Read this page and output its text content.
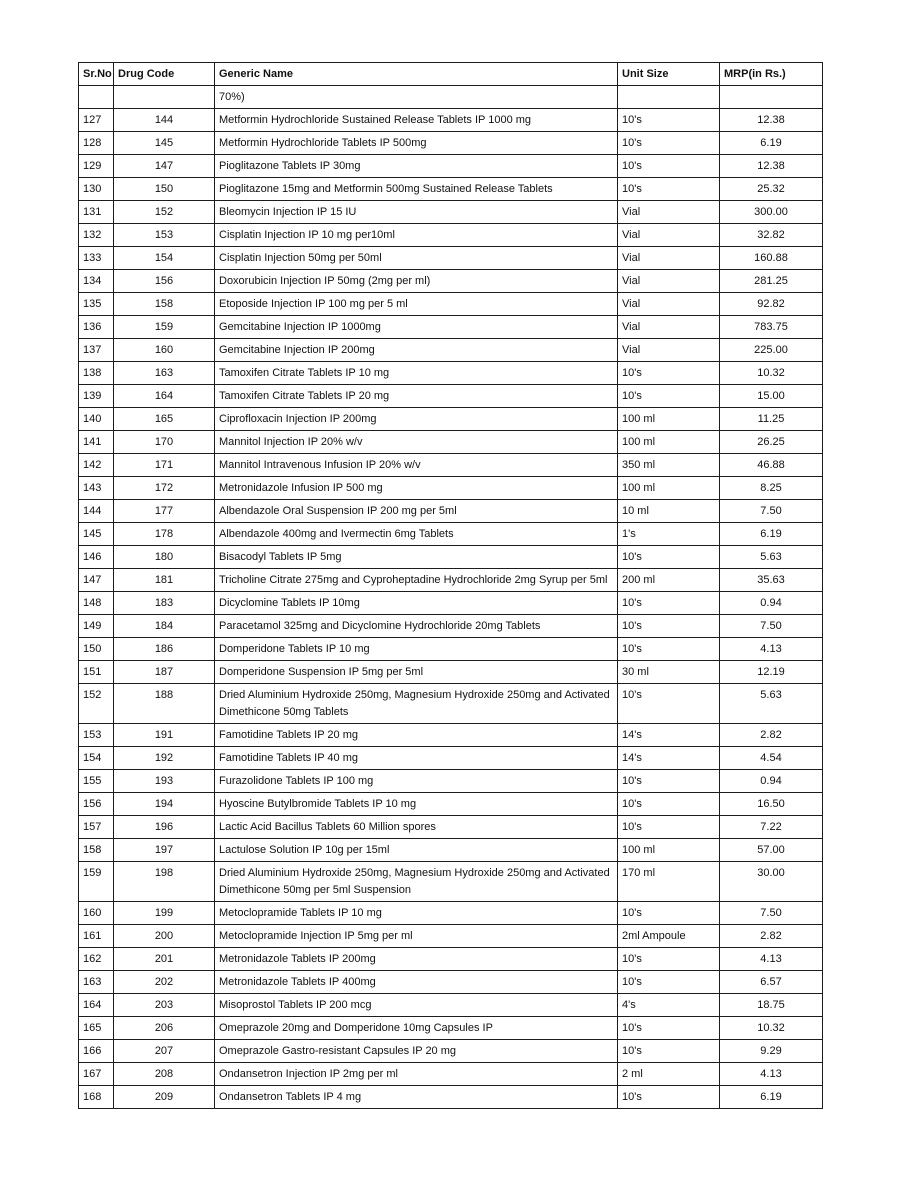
Sr.No	Drug Code	Generic Name	Unit Size	MRP(in Rs.)
		70%)		
127	144	Metformin Hydrochloride Sustained Release Tablets IP 1000 mg	10's	12.38
128	145	Metformin Hydrochloride Tablets IP 500mg	10's	6.19
129	147	Pioglitazone Tablets IP 30mg	10's	12.38
130	150	Pioglitazone 15mg and Metformin 500mg Sustained Release Tablets	10's	25.32
131	152	Bleomycin Injection IP 15 IU	Vial	300.00
132	153	Cisplatin Injection IP 10 mg per10ml	Vial	32.82
133	154	Cisplatin Injection 50mg per 50ml	Vial	160.88
134	156	Doxorubicin Injection IP 50mg (2mg per ml)	Vial	281.25
135	158	Etoposide Injection IP 100 mg per 5 ml	Vial	92.82
136	159	Gemcitabine Injection IP 1000mg	Vial	783.75
137	160	Gemcitabine Injection IP 200mg	Vial	225.00
138	163	Tamoxifen Citrate Tablets IP 10 mg	10's	10.32
139	164	Tamoxifen Citrate Tablets IP 20 mg	10's	15.00
140	165	Ciprofloxacin Injection IP 200mg	100 ml	11.25
141	170	Mannitol Injection IP 20% w/v	100 ml	26.25
142	171	Mannitol Intravenous Infusion IP 20% w/v	350 ml	46.88
143	172	Metronidazole Infusion IP 500 mg	100 ml	8.25
144	177	Albendazole Oral Suspension IP 200 mg per 5ml	10 ml	7.50
145	178	Albendazole 400mg and Ivermectin 6mg Tablets	1's	6.19
146	180	Bisacodyl Tablets IP 5mg	10's	5.63
147	181	Tricholine Citrate 275mg and Cyproheptadine Hydrochloride 2mg Syrup per 5ml	200 ml	35.63
148	183	Dicyclomine Tablets IP 10mg	10's	0.94
149	184	Paracetamol 325mg and Dicyclomine Hydrochloride 20mg Tablets	10's	7.50
150	186	Domperidone Tablets IP 10 mg	10's	4.13
151	187	Domperidone Suspension IP 5mg per 5ml	30 ml	12.19
152	188	Dried Aluminium Hydroxide 250mg, Magnesium Hydroxide 250mg and Activated Dimethicone 50mg Tablets	10's	5.63
153	191	Famotidine Tablets IP 20 mg	14's	2.82
154	192	Famotidine Tablets IP 40 mg	14's	4.54
155	193	Furazolidone Tablets IP 100 mg	10's	0.94
156	194	Hyoscine Butylbromide Tablets IP 10 mg	10's	16.50
157	196	Lactic Acid Bacillus Tablets 60 Million spores	10's	7.22
158	197	Lactulose Solution IP 10g per 15ml	100 ml	57.00
159	198	Dried Aluminium Hydroxide 250mg, Magnesium Hydroxide 250mg and Activated Dimethicone 50mg per 5ml Suspension	170 ml	30.00
160	199	Metoclopramide Tablets IP 10 mg	10's	7.50
161	200	Metoclopramide Injection IP 5mg per ml	2ml Ampoule	2.82
162	201	Metronidazole Tablets IP 200mg	10's	4.13
163	202	Metronidazole Tablets IP 400mg	10's	6.57
164	203	Misoprostol Tablets IP 200 mcg	4's	18.75
165	206	Omeprazole 20mg and Domperidone 10mg Capsules IP	10's	10.32
166	207	Omeprazole Gastro-resistant Capsules IP 20 mg	10's	9.29
167	208	Ondansetron Injection IP 2mg per ml	2 ml	4.13
168	209	Ondansetron Tablets IP 4 mg	10's	6.19
